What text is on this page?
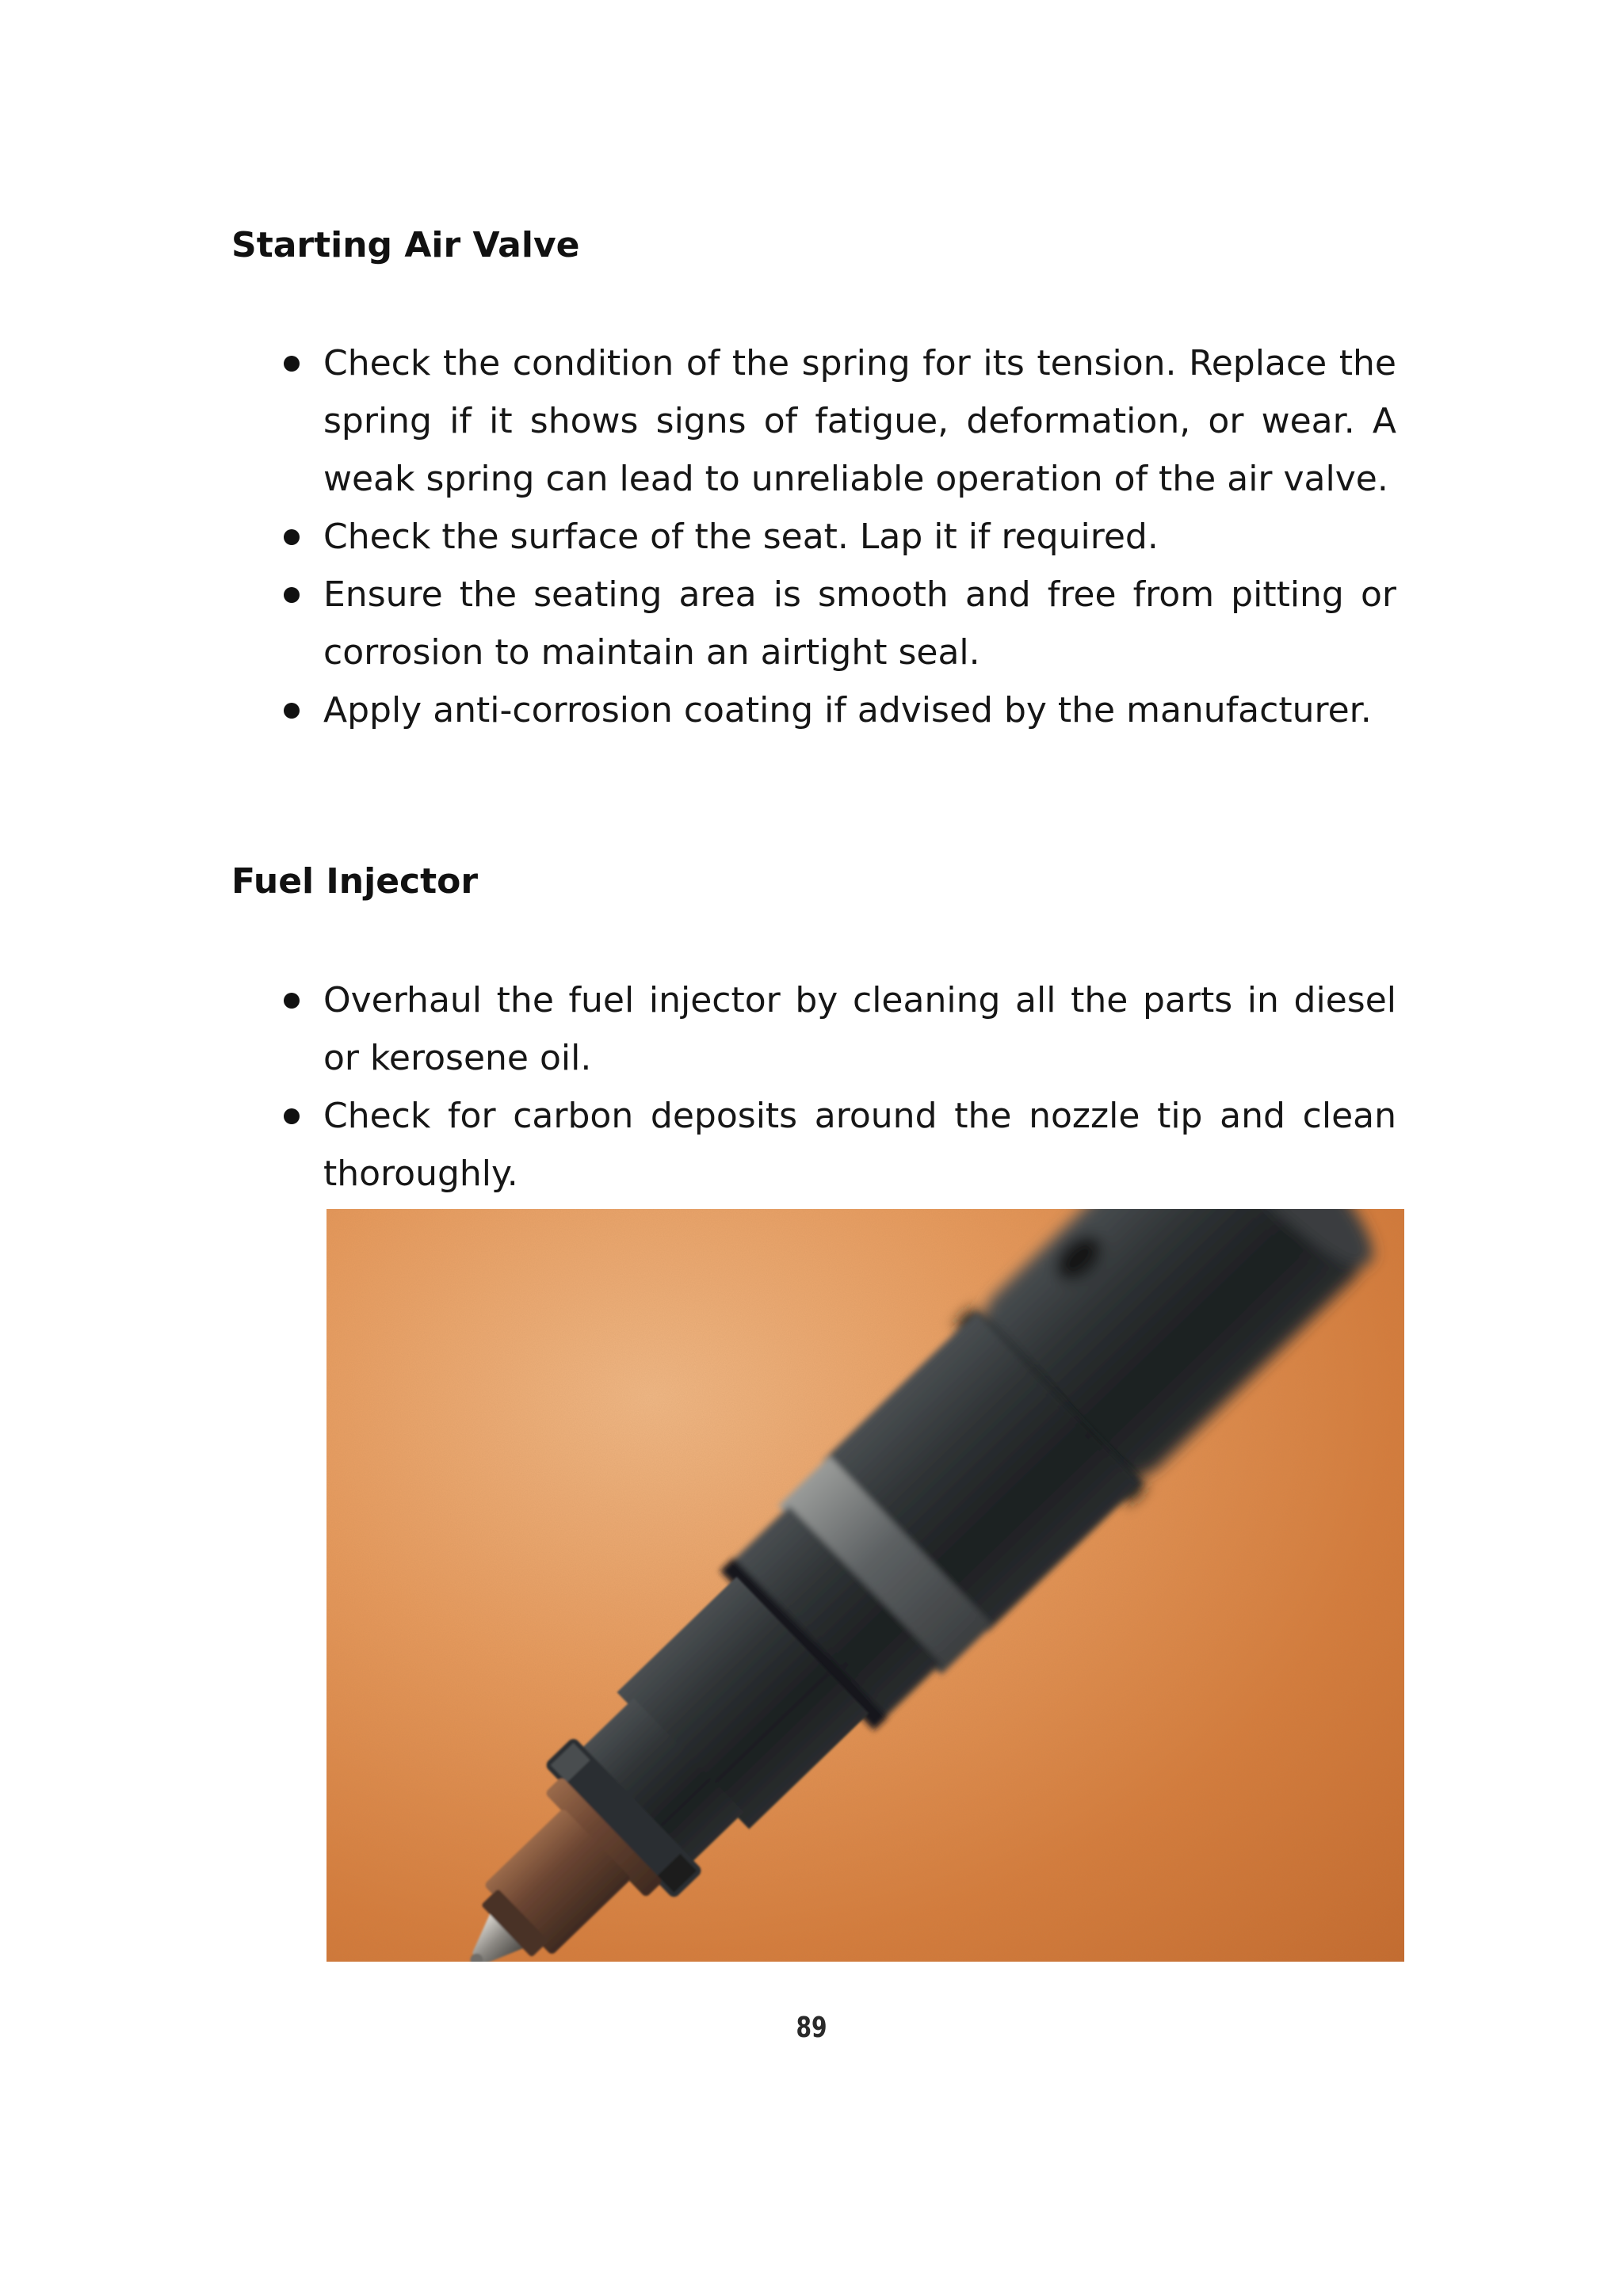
Starting Air Valve
Check the condition of the spring for its tension. Replace the spring if it shows signs of fatigue, deformation, or wear. A weak spring can lead to unreliable operation of the air valve.
Check the surface of the seat. Lap it if required.
Ensure the seating area is smooth and free from pitting or corrosion to maintain an airtight seal.
Apply anti-corrosion coating if advised by the manufacturer.
Fuel Injector
Overhaul the fuel injector by cleaning all the parts in diesel or kerosene oil.
Check for carbon deposits around the nozzle tip and clean thoroughly.
89
